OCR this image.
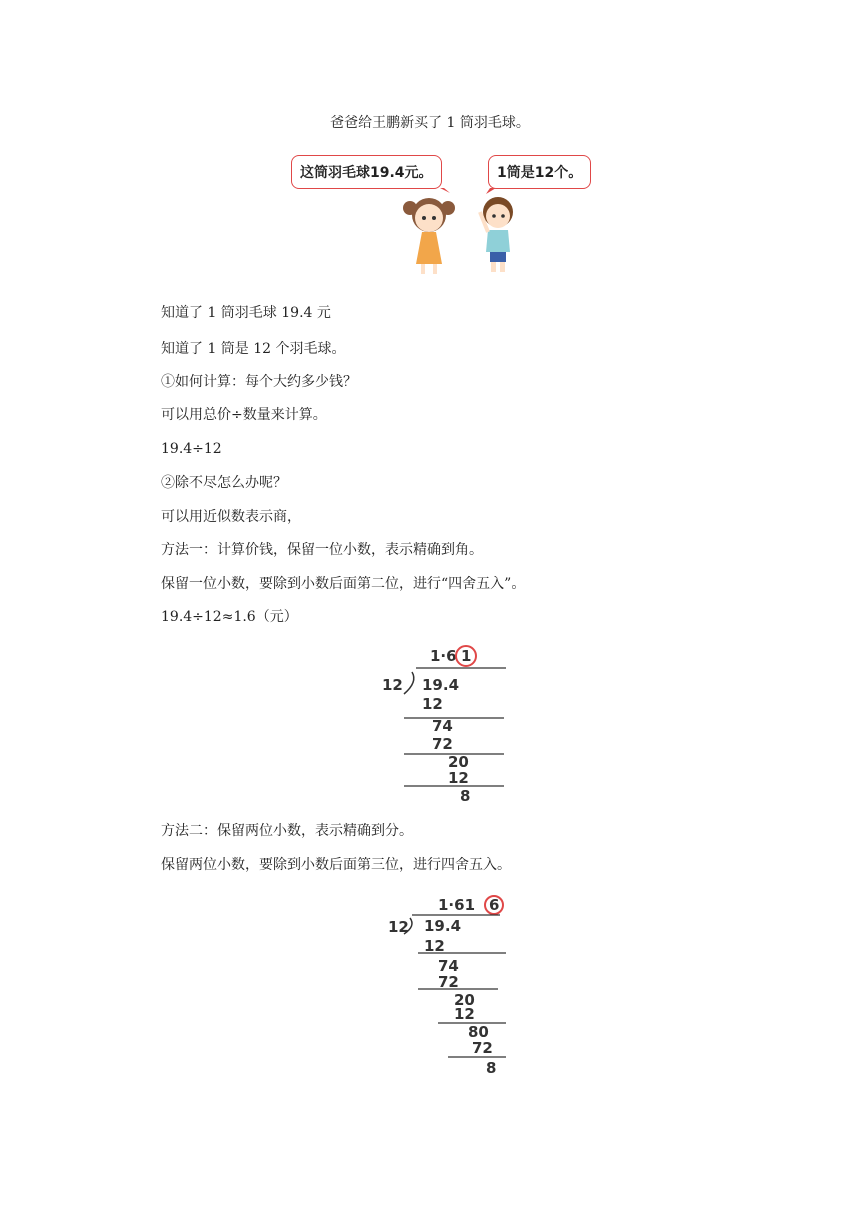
爸爸给王鹏新买了 1 筒羽毛球。
这筒羽毛球19.4元。	1筒是12个。
知道了 1 筒羽毛球 19.4 元
知道了 1 筒是 12 个羽毛球。
①如何计算：每个大约多少钱？
可以用总价÷数量来计算。
19.4÷12
②除不尽怎么办呢？
可以用近似数表示商，
方法一：计算价钱，保留一位小数，表示精确到角。
保留一位小数，要除到小数后面第二位，进行“四舍五入”。
19.4÷12≈1.6（元）
1·6 1
12 19.4
12
74
72
20
12
8
方法二：保留两位小数，表示精确到分。
保留两位小数，要除到小数后面第三位，进行四舍五入。
1·61 6
12 19.4
12
74
72
20
12
80
72
8
